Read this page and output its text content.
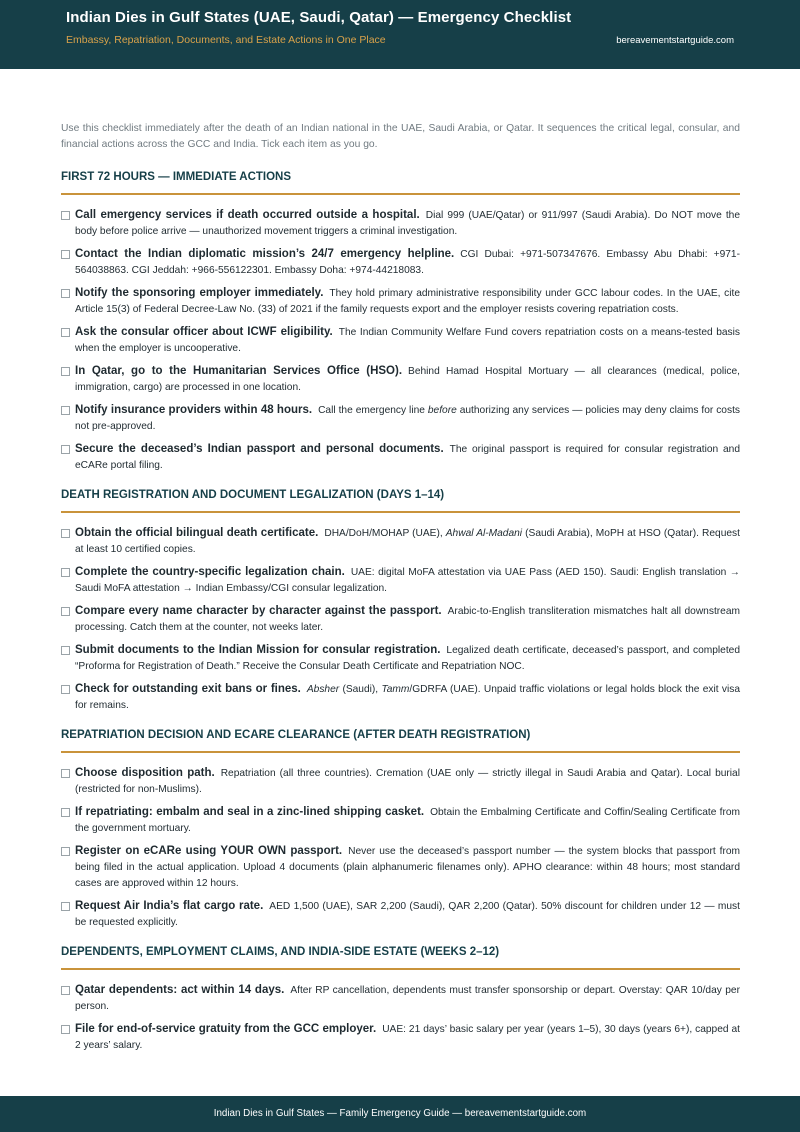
Indian Dies in Gulf States (UAE, Saudi, Qatar) — Emergency Checklist
Embassy, Repatriation, Documents, and Estate Actions in One Place	bereavementstartguide.com

Use this checklist immediately after the death of an Indian national in the UAE, Saudi Arabia, or Qatar. It sequences the critical legal, consular, and financial actions across the GCC and India. Tick each item as you go.

FIRST 72 HOURS — IMMEDIATE ACTIONS
Call emergency services if death occurred outside a hospital. Dial 999 (UAE/Qatar) or 911/997 (Saudi Arabia). Do NOT move the body before police arrive — unauthorized movement triggers a criminal investigation.
Contact the Indian diplomatic mission’s 24/7 emergency helpline. CGI Dubai: +971-507347676. Embassy Abu Dhabi: +971-564038863. CGI Jeddah: +966-556122301. Embassy Doha: +974-44218083.
Notify the sponsoring employer immediately. They hold primary administrative responsibility under GCC labour codes. In the UAE, cite Article 15(3) of Federal Decree-Law No. (33) of 2021 if the family requests export and the employer resists covering repatriation costs.
Ask the consular officer about ICWF eligibility. The Indian Community Welfare Fund covers repatriation costs on a means-tested basis when the employer is uncooperative.
In Qatar, go to the Humanitarian Services Office (HSO). Behind Hamad Hospital Mortuary — all clearances (medical, police, immigration, cargo) are processed in one location.
Notify insurance providers within 48 hours. Call the emergency line before authorizing any services — policies may deny claims for costs not pre-approved.
Secure the deceased’s Indian passport and personal documents. The original passport is required for consular registration and eCARe portal filing.
DEATH REGISTRATION AND DOCUMENT LEGALIZATION (DAYS 1–14)
Obtain the official bilingual death certificate. DHA/DoH/MOHAP (UAE), Ahwal Al-Madani (Saudi Arabia), MoPH at HSO (Qatar). Request at least 10 certified copies.
Complete the country-specific legalization chain. UAE: digital MoFA attestation via UAE Pass (AED 150). Saudi: English translation → Saudi MoFA attestation → Indian Embassy/CGI consular legalization.
Compare every name character by character against the passport. Arabic-to-English transliteration mismatches halt all downstream processing. Catch them at the counter, not weeks later.
Submit documents to the Indian Mission for consular registration. Legalized death certificate, deceased’s passport, and completed “Proforma for Registration of Death.” Receive the Consular Death Certificate and Repatriation NOC.
Check for outstanding exit bans or fines. Absher (Saudi), Tamm/GDRFA (UAE). Unpaid traffic violations or legal holds block the exit visa for remains.
REPATRIATION DECISION AND ECARE CLEARANCE (AFTER DEATH REGISTRATION)
Choose disposition path. Repatriation (all three countries). Cremation (UAE only — strictly illegal in Saudi Arabia and Qatar). Local burial (restricted for non-Muslims).
If repatriating: embalm and seal in a zinc-lined shipping casket. Obtain the Embalming Certificate and Coffin/Sealing Certificate from the government mortuary.
Register on eCARe using YOUR OWN passport. Never use the deceased’s passport number — the system blocks that passport from being filed in the actual application. Upload 4 documents (plain alphanumeric filenames only). APHO clearance: within 48 hours; most standard cases are approved within 12 hours.
Request Air India’s flat cargo rate. AED 1,500 (UAE), SAR 2,200 (Saudi), QAR 2,200 (Qatar). 50% discount for children under 12 — must be requested explicitly.
DEPENDENTS, EMPLOYMENT CLAIMS, AND INDIA-SIDE ESTATE (WEEKS 2–12)
Qatar dependents: act within 14 days. After RP cancellation, dependents must transfer sponsorship or depart. Overstay: QAR 10/day per person.
File for end-of-service gratuity from the GCC employer. UAE: 21 days’ basic salary per year (years 1–5), 30 days (years 6+), capped at 2 years’ salary.
Indian Dies in Gulf States — Family Emergency Guide — bereavementstartguide.com
